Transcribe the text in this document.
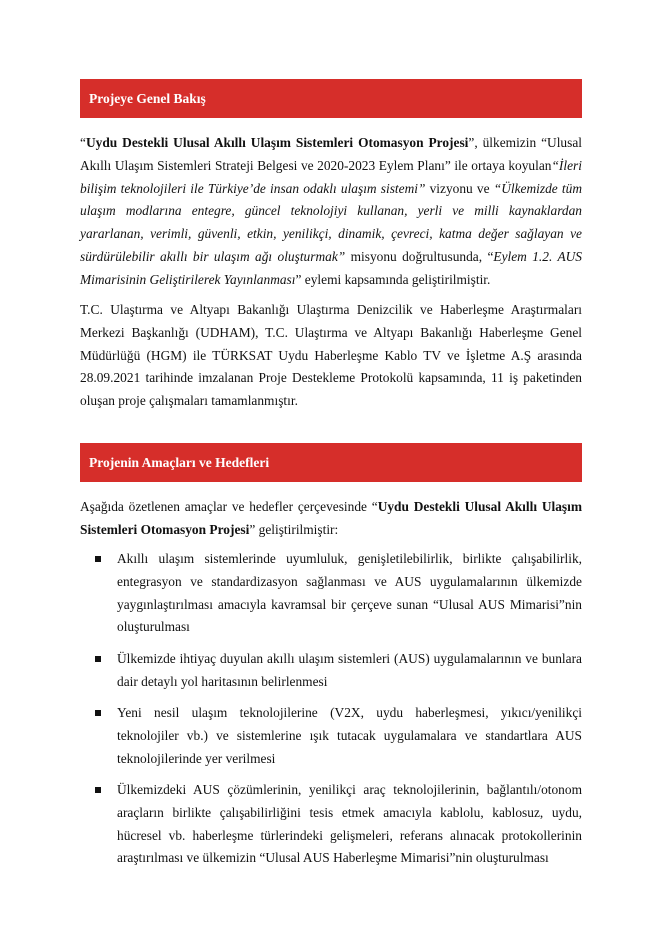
Projeye Genel Bakış

“Uydu Destekli Ulusal Akıllı Ulaşım Sistemleri Otomasyon Projesi”, ülkemizin “Ulusal Akıllı Ulaşım Sistemleri Strateji Belgesi ve 2020-2023 Eylem Planı” ile ortaya koyulan“İleri bilişim teknolojileri ile Türkiye’de insan odaklı ulaşım sistemi” vizyonu ve “Ülkemizde tüm ulaşım modlarına entegre, güncel teknolojiyi kullanan, yerli ve milli kaynaklardan yararlanan, verimli, güvenli, etkin, yenilikçi, dinamik, çevreci, katma değer sağlayan ve sürdürülebilir akıllı bir ulaşım ağı oluşturmak” misyonu doğrultusunda, “Eylem 1.2. AUS Mimarisinin Geliştirilerek Yayınlanması” eylemi kapsamında geliştirilmiştir.

T.C. Ulaştırma ve Altyapı Bakanlığı Ulaştırma Denizcilik ve Haberleşme Araştırmaları Merkezi Başkanlığı (UDHAM), T.C. Ulaştırma ve Altyapı Bakanlığı Haberleşme Genel Müdürlüğü (HGM) ile TÜRKSAT Uydu Haberleşme Kablo TV ve İşletme A.Ş arasında 28.09.2021 tarihinde imzalanan Proje Destekleme Protokolü kapsamında, 11 iş paketinden oluşan proje çalışmaları tamamlanmıştır.

Projenin Amaçları ve Hedefleri

Aşağıda özetlenen amaçlar ve hedefler çerçevesinde “Uydu Destekli Ulusal Akıllı Ulaşım Sistemleri Otomasyon Projesi” geliştirilmiştir:

Akıllı ulaşım sistemlerinde uyumluluk, genişletilebilirlik, birlikte çalışabilirlik, entegrasyon ve standardizasyon sağlanması ve AUS uygulamalarının ülkemizde yaygınlaştırılması amacıyla kavramsal bir çerçeve sunan “Ulusal AUS Mimarisi”nin oluşturulması
Ülkemizde ihtiyaç duyulan akıllı ulaşım sistemleri (AUS) uygulamalarının ve bunlara dair detaylı yol haritasının belirlenmesi
Yeni nesil ulaşım teknolojilerine (V2X, uydu haberleşmesi, yıkıcı/yenilikçi teknolojiler vb.) ve sistemlerine ışık tutacak uygulamalara ve standartlara AUS teknolojilerinde yer verilmesi
Ülkemizdeki AUS çözümlerinin, yenilikçi araç teknolojilerinin, bağlantılı/otonom araçların birlikte çalışabilirliğini tesis etmek amacıyla kablolu, kablosuz, uydu, hücresel vb. haberleşme türlerindeki gelişmeleri, referans alınacak protokollerinin araştırılması ve ülkemizin “Ulusal AUS Haberleşme Mimarisi”nin oluşturulması
